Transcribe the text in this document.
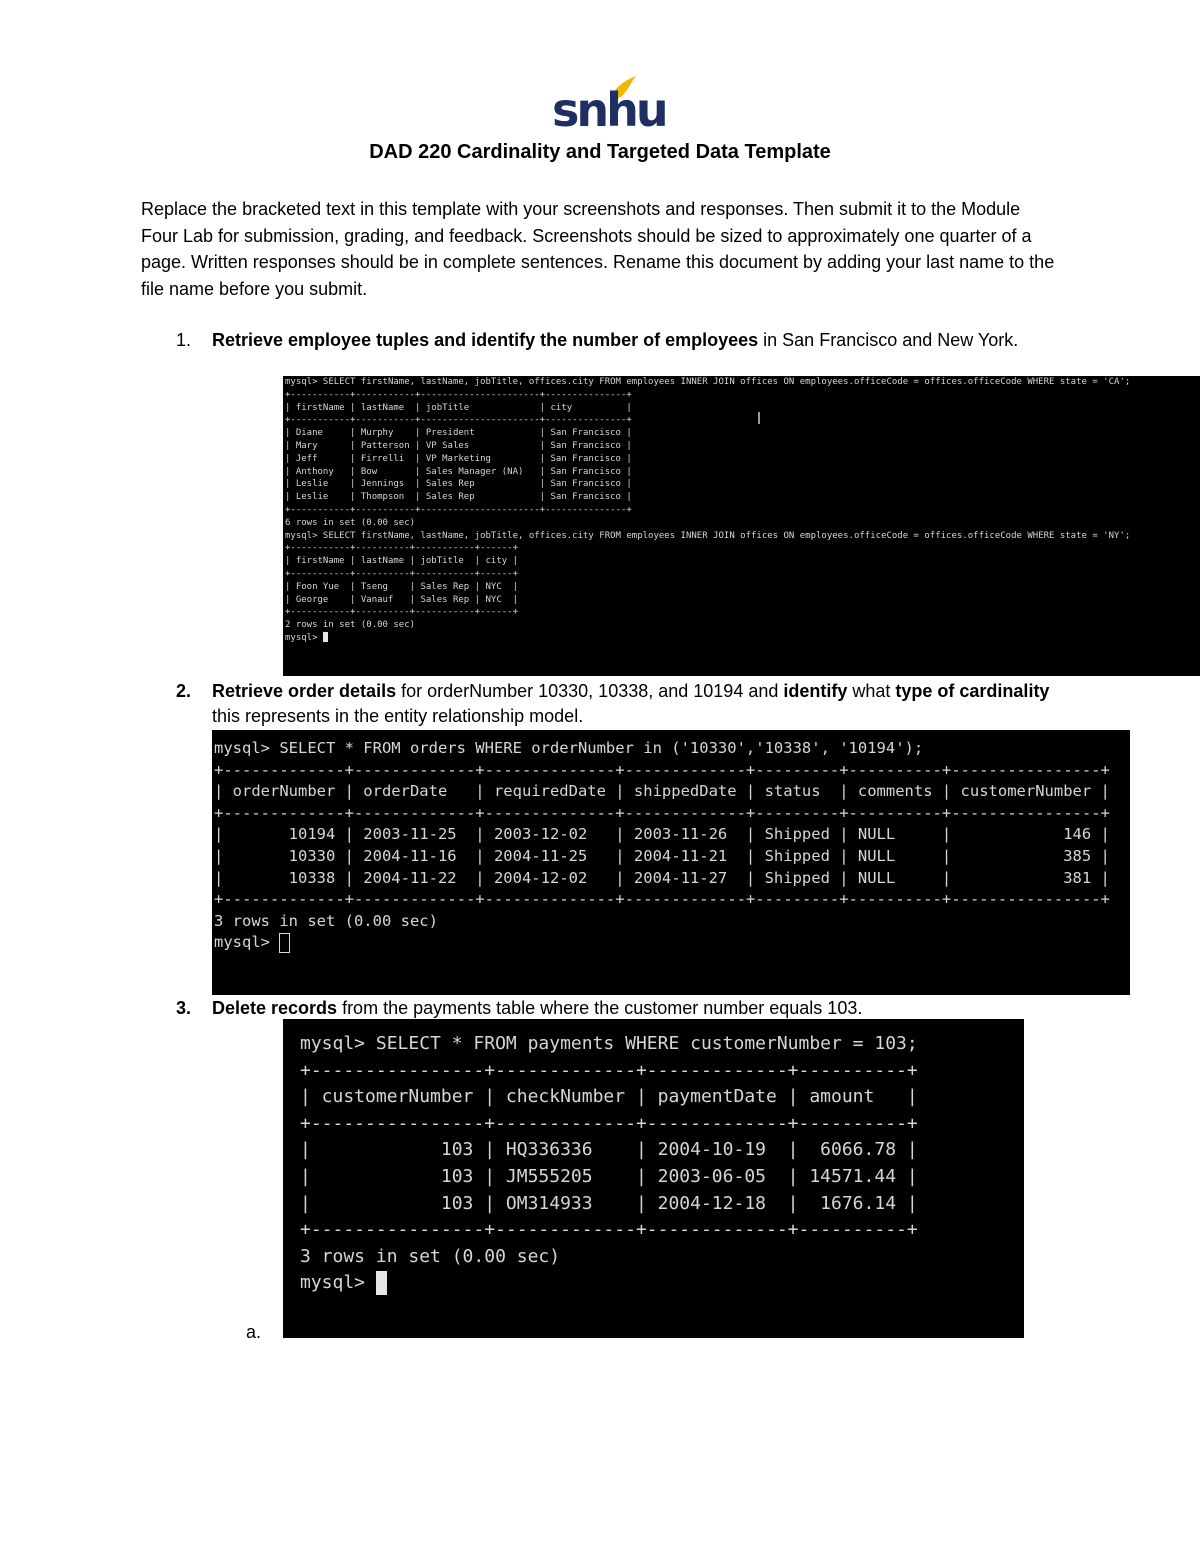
snhu
DAD 220 Cardinality and Targeted Data Template
Replace the bracketed text in this template with your screenshots and responses. Then submit it to the Module Four Lab for submission, grading, and feedback. Screenshots should be sized to approximately one quarter of a page. Written responses should be in complete sentences. Rename this document by adding your last name to the file name before you submit.
1. Retrieve employee tuples and identify the number of employees in San Francisco and New York.
mysql> SELECT firstName, lastName, jobTitle, offices.city FROM employees INNER JOIN offices ON employees.officeCode = offices.officeCode WHERE state = 'CA';
+-----------+-----------+----------------------+---------------+
| firstName | lastName  | jobTitle             | city          |
+-----------+-----------+----------------------+---------------+
| Diane     | Murphy    | President            | San Francisco |
| Mary      | Patterson | VP Sales             | San Francisco |
| Jeff      | Firrelli  | VP Marketing         | San Francisco |
| Anthony   | Bow       | Sales Manager (NA)   | San Francisco |
| Leslie    | Jennings  | Sales Rep            | San Francisco |
| Leslie    | Thompson  | Sales Rep            | San Francisco |
+-----------+-----------+----------------------+---------------+
6 rows in set (0.00 sec)
mysql> SELECT firstName, lastName, jobTitle, offices.city FROM employees INNER JOIN offices ON employees.officeCode = offices.officeCode WHERE state = 'NY';
+-----------+----------+-----------+------+
| firstName | lastName | jobTitle  | city |
+-----------+----------+-----------+------+
| Foon Yue  | Tseng    | Sales Rep | NYC  |
| George    | Vanauf   | Sales Rep | NYC  |
+-----------+----------+-----------+------+
2 rows in set (0.00 sec)
mysql>
2. Retrieve order details for orderNumber 10330, 10338, and 10194 and identify what type of cardinality this represents in the entity relationship model.
mysql> SELECT * FROM orders WHERE orderNumber in ('10330','10338', '10194');
+-------------+-------------+--------------+-------------+---------+----------+----------------+
| orderNumber | orderDate   | requiredDate | shippedDate | status  | comments | customerNumber |
+-------------+-------------+--------------+-------------+---------+----------+----------------+
|       10194 | 2003-11-25  | 2003-12-02   | 2003-11-26  | Shipped | NULL     |            146 |
|       10330 | 2004-11-16  | 2004-11-25   | 2004-11-21  | Shipped | NULL     |            385 |
|       10338 | 2004-11-22  | 2004-12-02   | 2004-11-27  | Shipped | NULL     |            381 |
+-------------+-------------+--------------+-------------+---------+----------+----------------+
3 rows in set (0.00 sec)
mysql>
3. Delete records from the payments table where the customer number equals 103.
mysql> SELECT * FROM payments WHERE customerNumber = 103;
+----------------+-------------+-------------+----------+
| customerNumber | checkNumber | paymentDate | amount   |
+----------------+-------------+-------------+----------+
|            103 | HQ336336    | 2004-10-19  |  6066.78 |
|            103 | JM555205    | 2003-06-05  | 14571.44 |
|            103 | OM314933    | 2004-12-18  |  1676.14 |
+----------------+-------------+-------------+----------+
3 rows in set (0.00 sec)
mysql>
a.
